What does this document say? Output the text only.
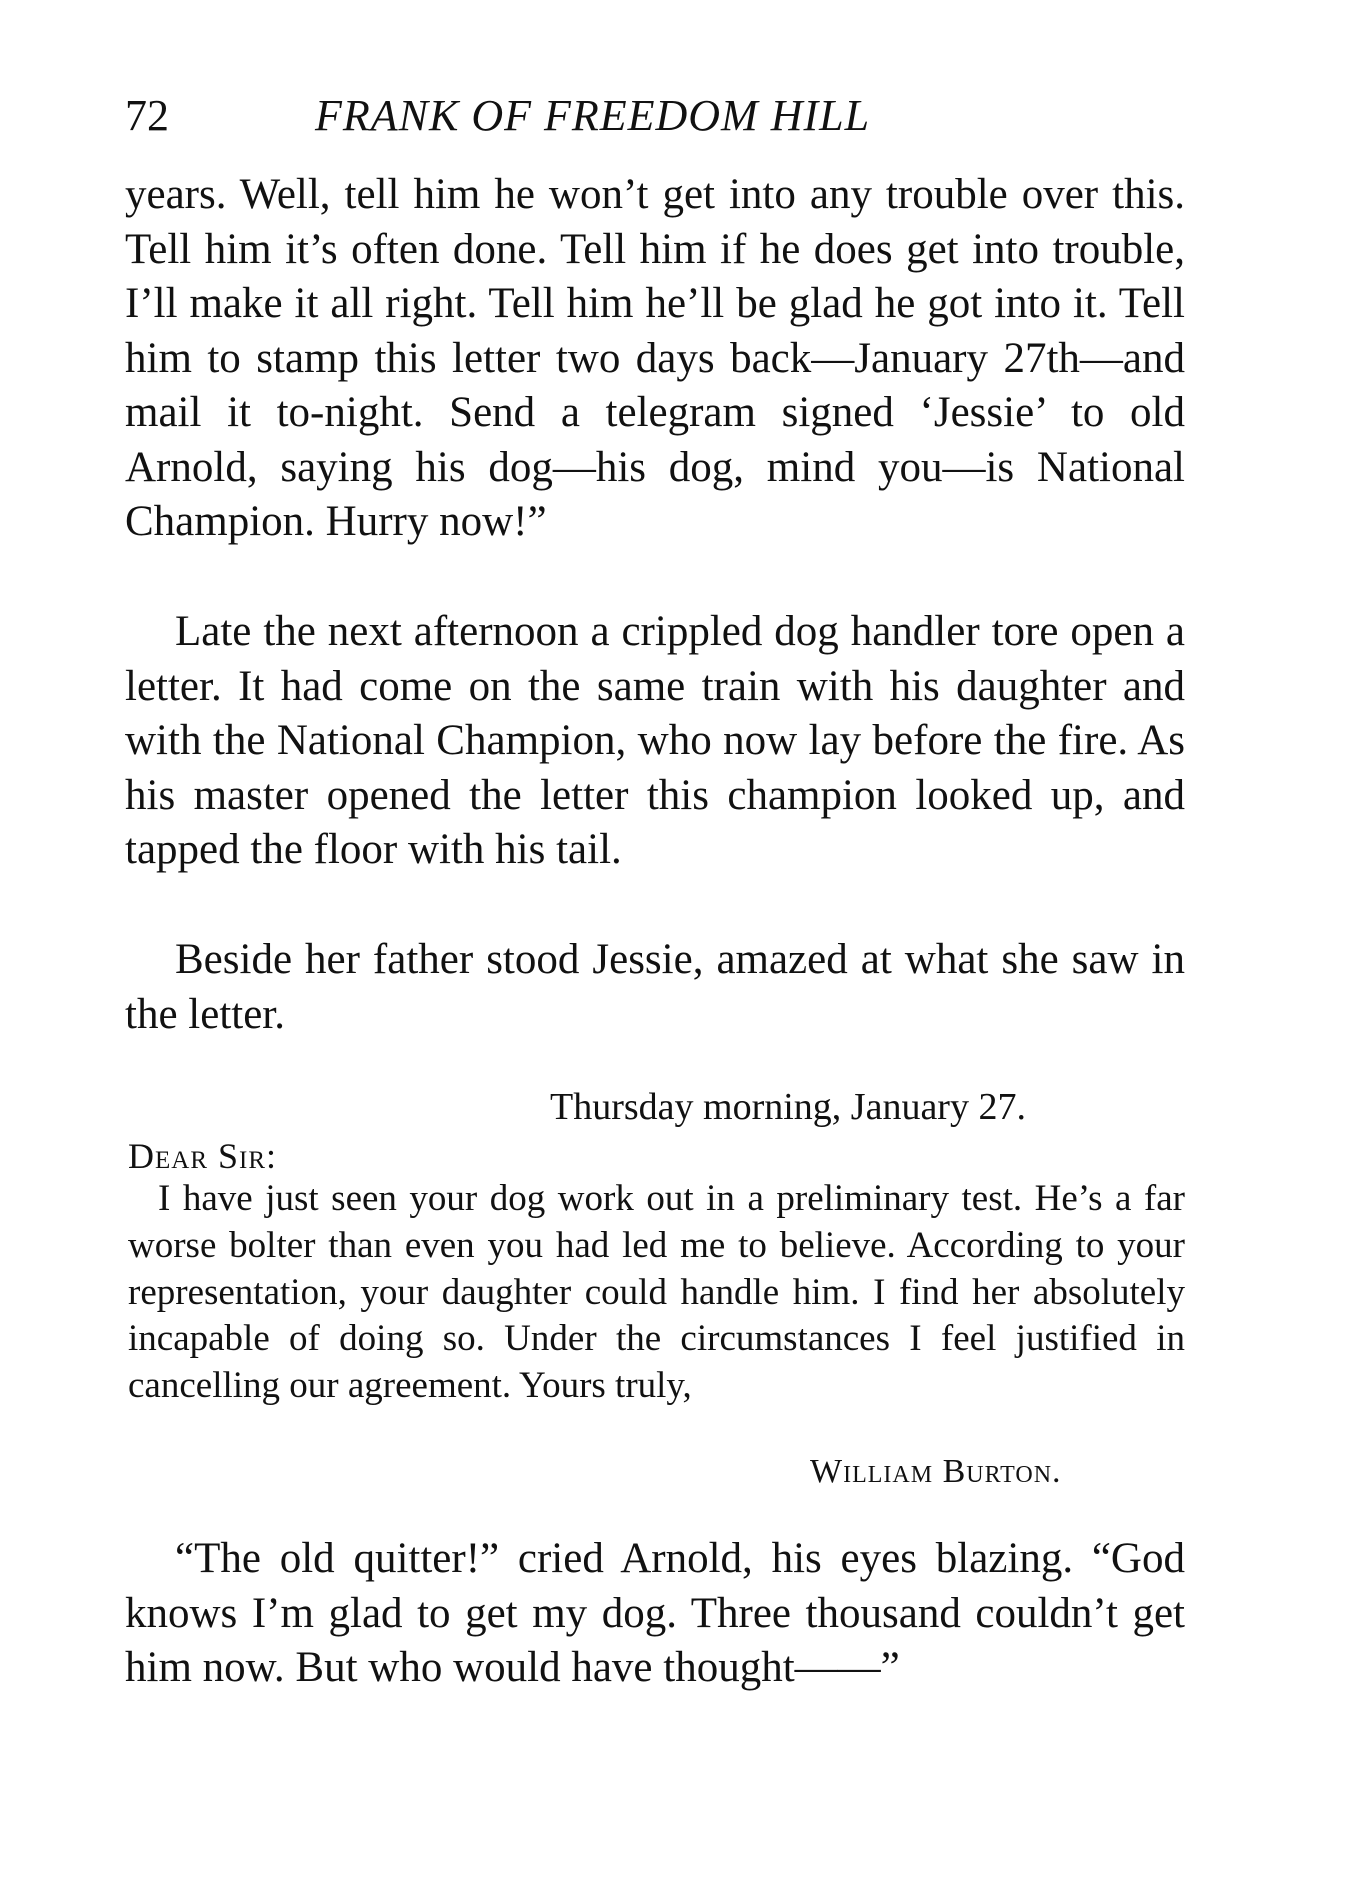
72	FRANK OF FREEDOM HILL

years. Well, tell him he won’t get into any trouble over this. Tell him it’s often done. Tell him if he does get into trouble, I’ll make it all right. Tell him he’ll be glad he got into it. Tell him to stamp this letter two days back—January 27th—and mail it to-night. Send a telegram signed ‘Jessie’ to old Arnold, saying his dog—his dog, mind you—is National Champion. Hurry now!”

Late the next afternoon a crippled dog handler tore open a letter. It had come on the same train with his daughter and with the National Champion, who now lay before the fire. As his master opened the letter this champion looked up, and tapped the floor with his tail.

Beside her father stood Jessie, amazed at what she saw in the letter.

Thursday morning, January 27.
Dear Sir:

I have just seen your dog work out in a preliminary test. He’s a far worse bolter than even you had led me to believe. According to your representation, your daughter could handle him. I find her absolutely incapable of doing so. Under the circumstances I feel justified in cancelling our agreement. Yours truly,

William Burton.

“The old quitter!” cried Arnold, his eyes blazing. “God knows I’m glad to get my dog. Three thousand couldn’t get him now. But who would have thought——”
